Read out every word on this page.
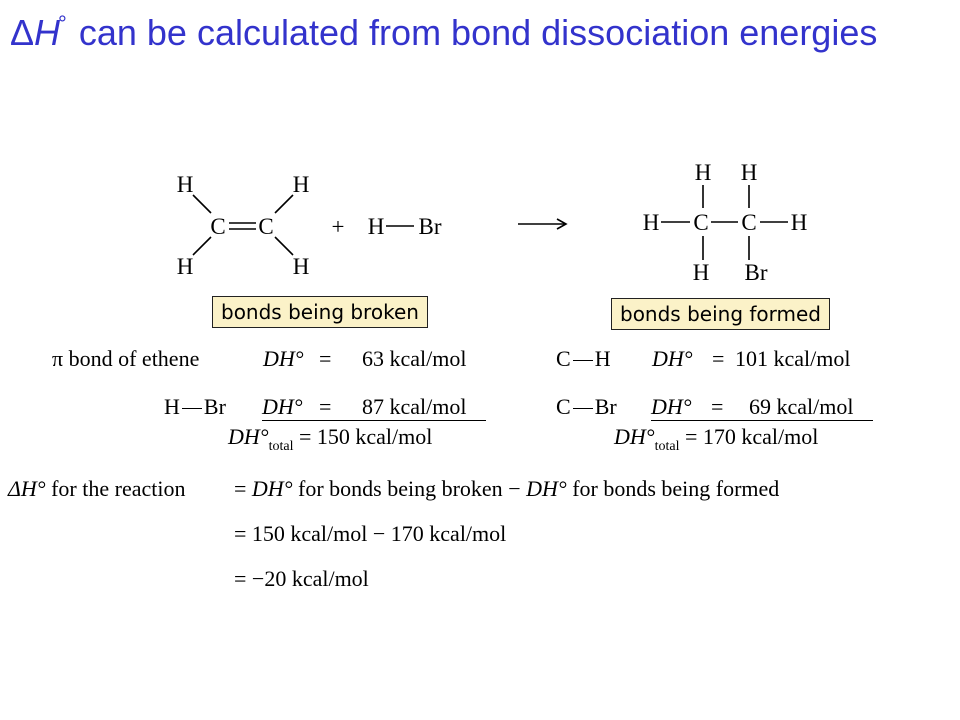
ΔH° can be calculated from bond dissociation energies
H	H
C C
H	H
+ H Br
H H
H C C H
H Br
bonds being broken	bonds being formed
π bond of ethene	DH° = 63 kcal/mol
H Br DH° = 87 kcal/mol
$DH^\circ_{total} = 150$ kcal/mol
C H DH° = 101 kcal/mol
C Br DH° = 69 kcal/mol
$DH^\circ_{total} = 170$ kcal/mol
ΔH° for the reaction = DH° for bonds being broken − DH° for bonds being formed
= 150 kcal/mol − 170 kcal/mol
= −20 kcal/mol
